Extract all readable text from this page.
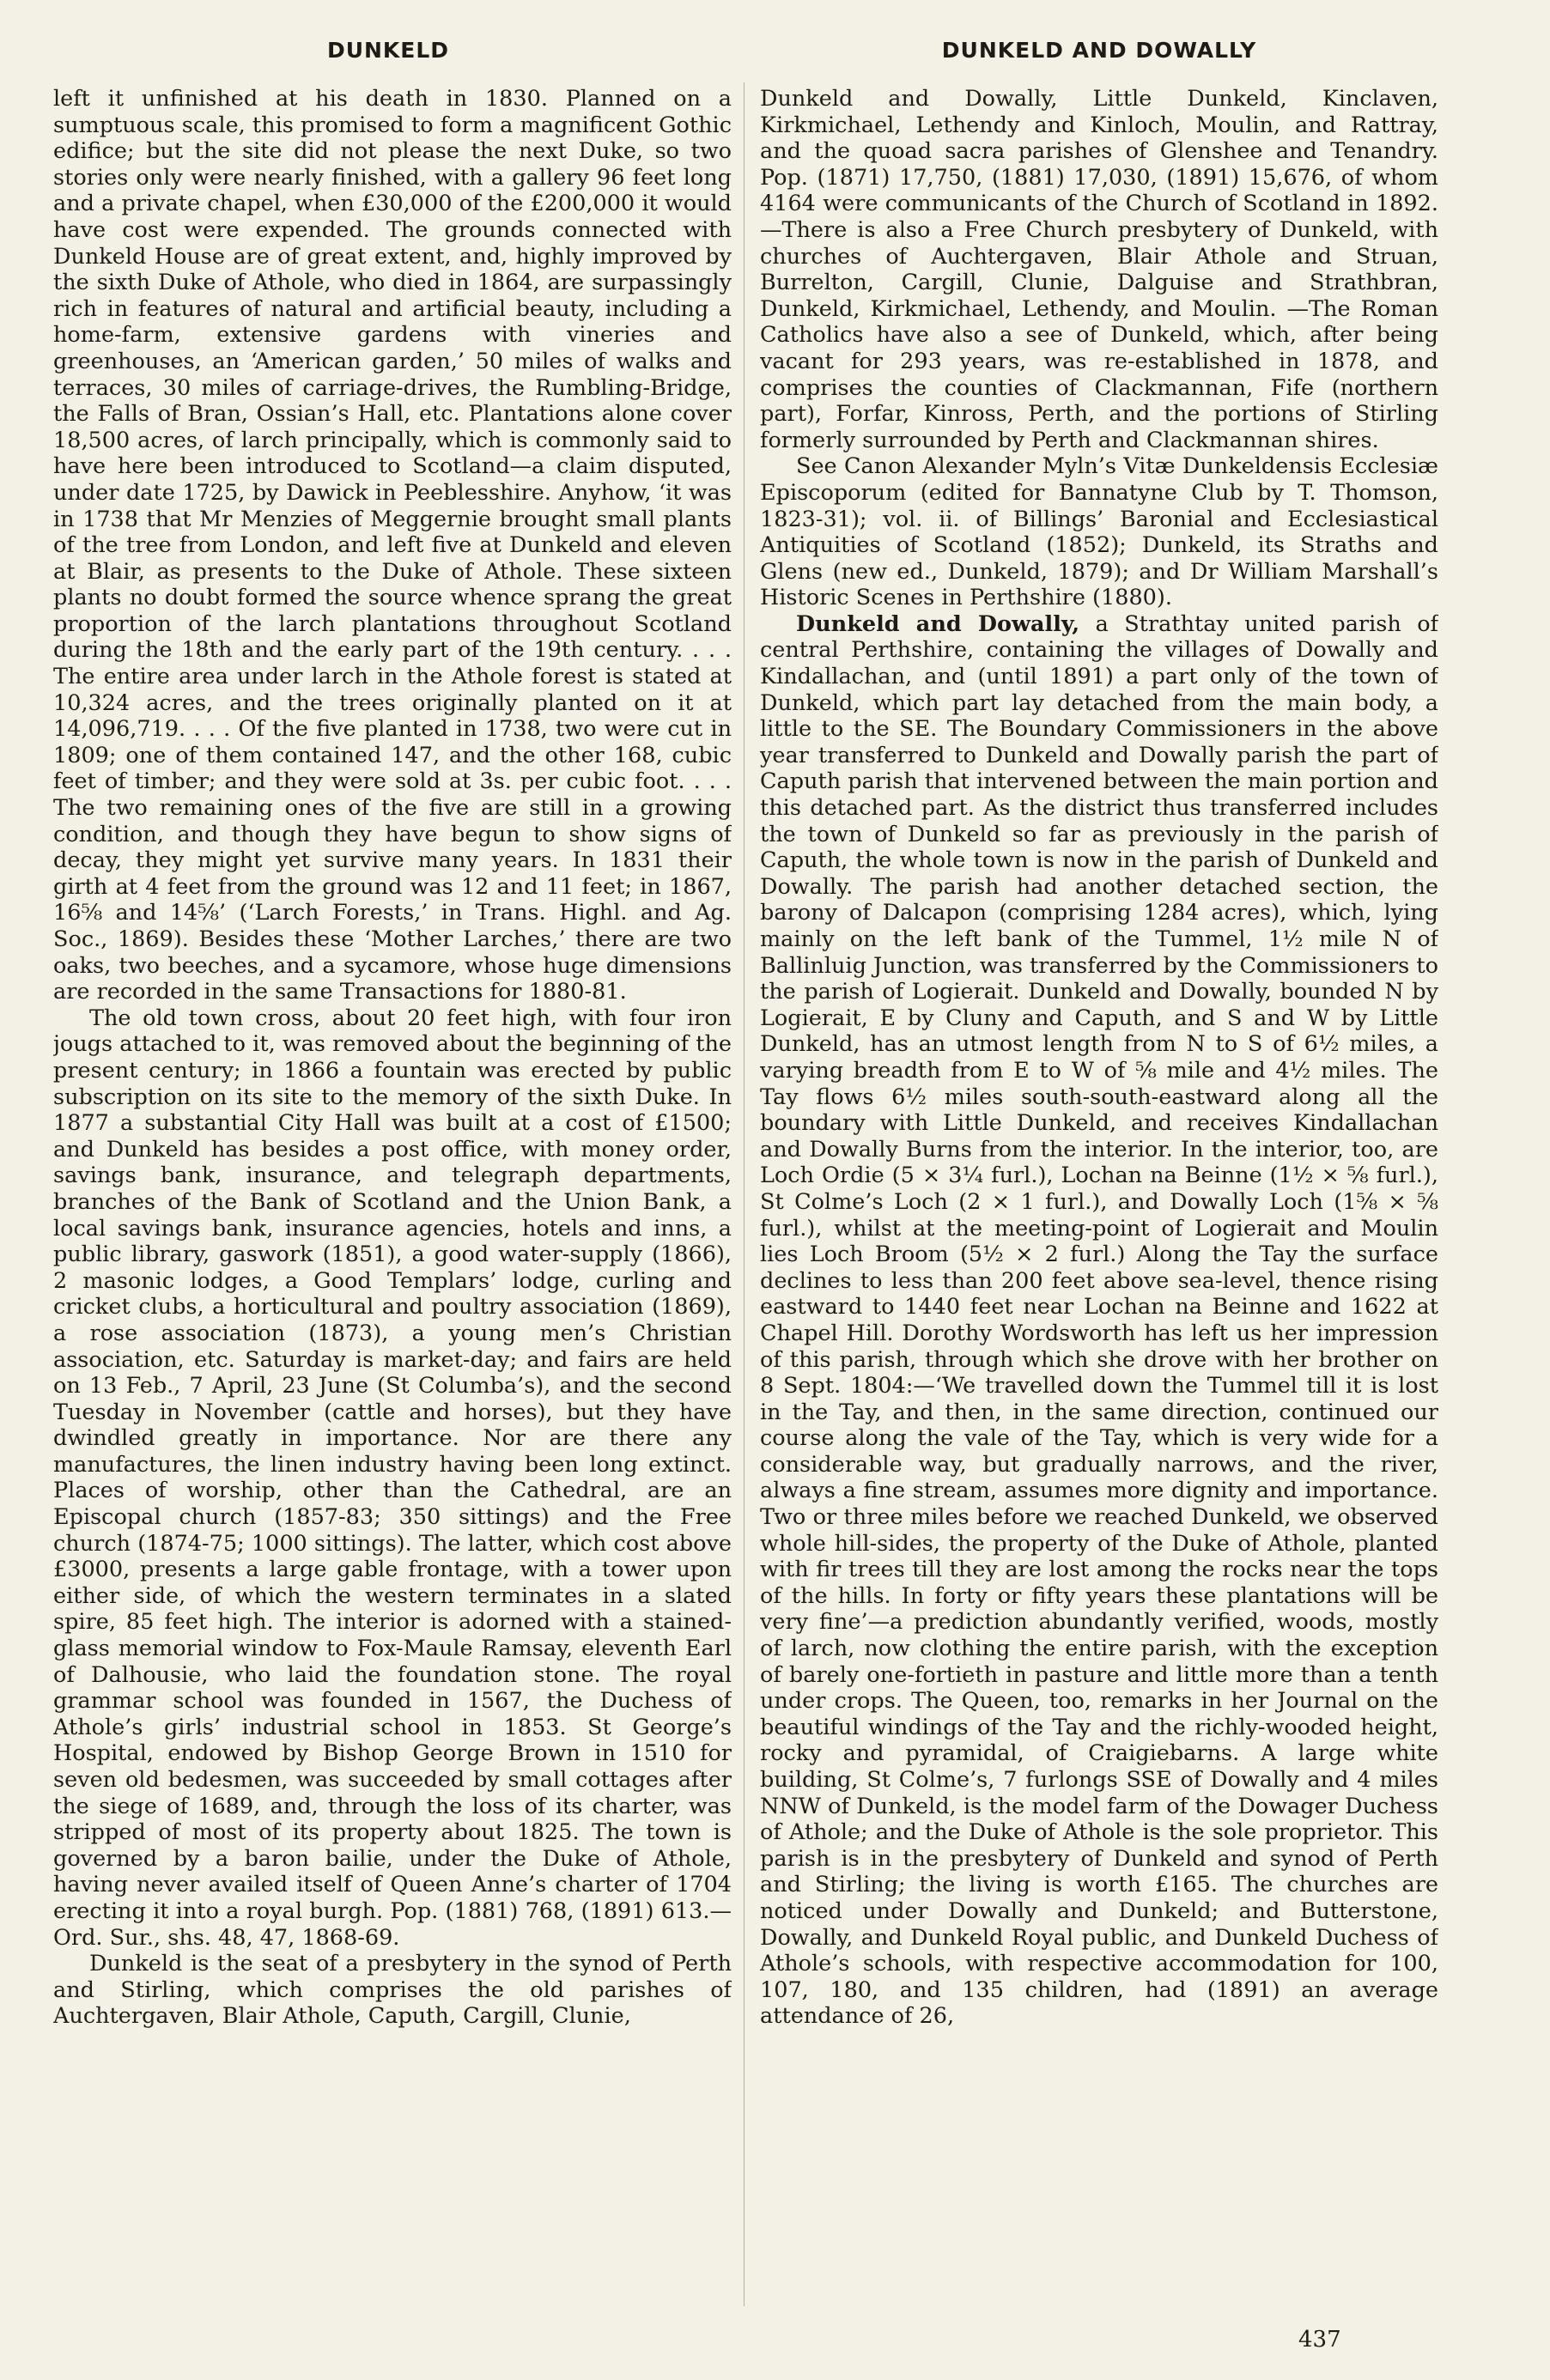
DUNKELD	DUNKELD AND DOWALLY

left it unfinished at his death in 1830. Planned on a sumptuous scale, this promised to form a magnificent Gothic edifice; but the site did not please the next Duke, so two stories only were nearly finished, with a gallery 96 feet long and a private chapel, when £30,000 of the £200,000 it would have cost were expended. The grounds connected with Dunkeld House are of great extent, and, highly improved by the sixth Duke of Athole, who died in 1864, are surpassingly rich in features of natural and artificial beauty, including a home-farm, extensive gardens with vineries and greenhouses, an ‘American garden,’ 50 miles of walks and terraces, 30 miles of carriage-drives, the Rumbling-Bridge, the Falls of Bran, Ossian’s Hall, etc. Plantations alone cover 18,500 acres, of larch principally, which is commonly said to have here been introduced to Scotland—a claim disputed, under date 1725, by Dawick in Peeblesshire. Anyhow, ‘it was in 1738 that Mr Menzies of Meggernie brought small plants of the tree from London, and left five at Dunkeld and eleven at Blair, as presents to the Duke of Athole. These sixteen plants no doubt formed the source whence sprang the great proportion of the larch plantations throughout Scotland during the 18th and the early part of the 19th century. . . . The entire area under larch in the Athole forest is stated at 10,324 acres, and the trees originally planted on it at 14,096,719. . . . Of the five planted in 1738, two were cut in 1809; one of them contained 147, and the other 168, cubic feet of timber; and they were sold at 3s. per cubic foot. . . . The two remaining ones of the five are still in a growing condition, and though they have begun to show signs of decay, they might yet survive many years. In 1831 their girth at 4 feet from the ground was 12 and 11 feet; in 1867, 16⅝ and 14⅝’ (‘Larch Forests,’ in Trans. Highl. and Ag. Soc., 1869). Besides these ‘Mother Larches,’ there are two oaks, two beeches, and a sycamore, whose huge dimensions are recorded in the same Transactions for 1880-81.

The old town cross, about 20 feet high, with four iron jougs attached to it, was removed about the beginning of the present century; in 1866 a fountain was erected by public subscription on its site to the memory of the sixth Duke. In 1877 a substantial City Hall was built at a cost of £1500; and Dunkeld has besides a post office, with money order, savings bank, insurance, and telegraph departments, branches of the Bank of Scotland and the Union Bank, a local savings bank, insurance agencies, hotels and inns, a public library, gaswork (1851), a good water-supply (1866), 2 masonic lodges, a Good Templars’ lodge, curling and cricket clubs, a horticultural and poultry association (1869), a rose association (1873), a young men’s Christian association, etc. Saturday is market-day; and fairs are held on 13 Feb., 7 April, 23 June (St Columba’s), and the second Tuesday in November (cattle and horses), but they have dwindled greatly in importance. Nor are there any manufactures, the linen industry having been long extinct. Places of worship, other than the Cathedral, are an Episcopal church (1857-83; 350 sittings) and the Free church (1874-75; 1000 sittings). The latter, which cost above £3000, presents a large gable frontage, with a tower upon either side, of which the western terminates in a slated spire, 85 feet high. The interior is adorned with a stained-glass memorial window to Fox-Maule Ramsay, eleventh Earl of Dalhousie, who laid the foundation stone. The royal grammar school was founded in 1567, the Duchess of Athole’s girls’ industrial school in 1853. St George’s Hospital, endowed by Bishop George Brown in 1510 for seven old bedesmen, was succeeded by small cottages after the siege of 1689, and, through the loss of its charter, was stripped of most of its property about 1825. The town is governed by a baron bailie, under the Duke of Athole, having never availed itself of Queen Anne’s charter of 1704 erecting it into a royal burgh. Pop. (1881) 768, (1891) 613.—Ord. Sur., shs. 48, 47, 1868-69.

Dunkeld is the seat of a presbytery in the synod of Perth and Stirling, which comprises the old parishes of Auchtergaven, Blair Athole, Caputh, Cargill, Clunie,

Dunkeld and Dowally, Little Dunkeld, Kinclaven, Kirkmichael, Lethendy and Kinloch, Moulin, and Rattray, and the quoad sacra parishes of Glenshee and Tenandry. Pop. (1871) 17,750, (1881) 17,030, (1891) 15,676, of whom 4164 were communicants of the Church of Scotland in 1892.—There is also a Free Church presbytery of Dunkeld, with churches of Auchtergaven, Blair Athole and Struan, Burrelton, Cargill, Clunie, Dalguise and Strathbran, Dunkeld, Kirkmichael, Lethendy, and Moulin. —The Roman Catholics have also a see of Dunkeld, which, after being vacant for 293 years, was re-established in 1878, and comprises the counties of Clackmannan, Fife (northern part), Forfar, Kinross, Perth, and the portions of Stirling formerly surrounded by Perth and Clackmannan shires.

See Canon Alexander Myln’s Vitæ Dunkeldensis Ecclesiæ Episcoporum (edited for Bannatyne Club by T. Thomson, 1823-31); vol. ii. of Billings’ Baronial and Ecclesiastical Antiquities of Scotland (1852); Dunkeld, its Straths and Glens (new ed., Dunkeld, 1879); and Dr William Marshall’s Historic Scenes in Perthshire (1880).

Dunkeld and Dowally, a Strathtay united parish of central Perthshire, containing the villages of Dowally and Kindallachan, and (until 1891) a part only of the town of Dunkeld, which part lay detached from the main body, a little to the SE. The Boundary Commissioners in the above year transferred to Dunkeld and Dowally parish the part of Caputh parish that intervened between the main portion and this detached part. As the district thus transferred includes the town of Dunkeld so far as previously in the parish of Caputh, the whole town is now in the parish of Dunkeld and Dowally. The parish had another detached section, the barony of Dalcapon (comprising 1284 acres), which, lying mainly on the left bank of the Tummel, 1½ mile N of Ballinluig Junction, was transferred by the Commissioners to the parish of Logierait. Dunkeld and Dowally, bounded N by Logierait, E by Cluny and Caputh, and S and W by Little Dunkeld, has an utmost length from N to S of 6½ miles, a varying breadth from E to W of ⅝ mile and 4½ miles. The Tay flows 6½ miles south-south-eastward along all the boundary with Little Dunkeld, and receives Kindallachan and Dowally Burns from the interior. In the interior, too, are Loch Ordie (5 × 3¼ furl.), Lochan na Beinne (1½ × ⅝ furl.), St Colme’s Loch (2 × 1 furl.), and Dowally Loch (1⅝ × ⅝ furl.), whilst at the meeting-point of Logierait and Moulin lies Loch Broom (5½ × 2 furl.) Along the Tay the surface declines to less than 200 feet above sea-level, thence rising eastward to 1440 feet near Lochan na Beinne and 1622 at Chapel Hill. Dorothy Wordsworth has left us her impression of this parish, through which she drove with her brother on 8 Sept. 1804:—‘We travelled down the Tummel till it is lost in the Tay, and then, in the same direction, continued our course along the vale of the Tay, which is very wide for a considerable way, but gradually narrows, and the river, always a fine stream, assumes more dignity and importance. Two or three miles before we reached Dunkeld, we observed whole hill-sides, the property of the Duke of Athole, planted with fir trees till they are lost among the rocks near the tops of the hills. In forty or fifty years these plantations will be very fine’—a prediction abundantly verified, woods, mostly of larch, now clothing the entire parish, with the exception of barely one-fortieth in pasture and little more than a tenth under crops. The Queen, too, remarks in her Journal on the beautiful windings of the Tay and the richly-wooded height, rocky and pyramidal, of Craigiebarns. A large white building, St Colme’s, 7 furlongs SSE of Dowally and 4 miles NNW of Dunkeld, is the model farm of the Dowager Duchess of Athole; and the Duke of Athole is the sole proprietor. This parish is in the presbytery of Dunkeld and synod of Perth and Stirling; the living is worth £165. The churches are noticed under Dowally and Dunkeld; and Butterstone, Dowally, and Dunkeld Royal public, and Dunkeld Duchess of Athole’s schools, with respective accommodation for 100, 107, 180, and 135 children, had (1891) an average attendance of 26,

437
